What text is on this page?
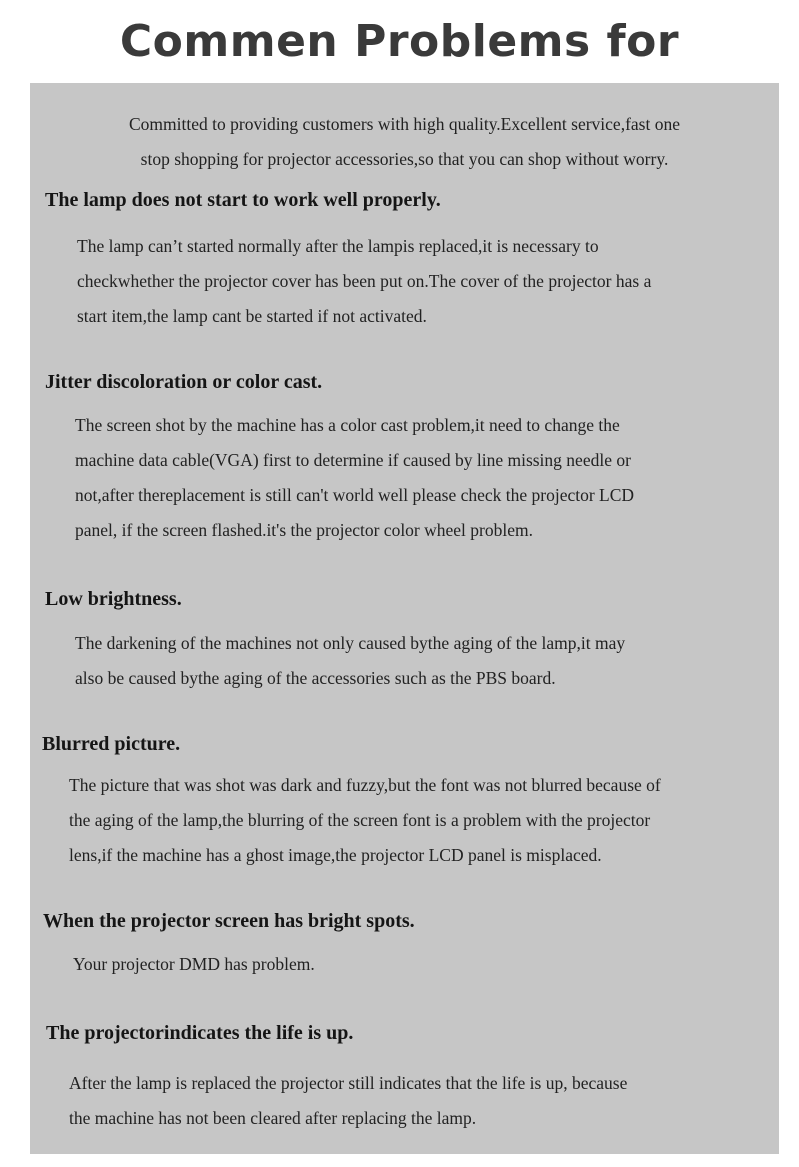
Commen Problems for

Committed to providing customers with high quality.Excellent service,fast one

stop shopping for projector accessories,so that you can shop without worry.

The lamp does not start to work well properly.

The lamp can’t started normally after the lampis replaced,it is necessary to

checkwhether the projector cover has been put on.The cover of the projector has a

start item,the lamp cant be started if not activated.

Jitter discoloration or color cast.

The screen shot by the machine has a color cast problem,it need to change the

machine data cable(VGA) first to determine if caused by line missing needle or

not,after thereplacement is still can't world well please check the projector LCD

panel, if the screen flashed.it's the projector color wheel problem.

Low brightness.

The darkening of the machines not only caused bythe aging of the lamp,it may

also be caused bythe aging of the accessories such as the PBS board.

Blurred picture.

The picture that was shot was dark and fuzzy,but the font was not blurred because of

the aging of the lamp,the blurring of the screen font is a problem with the projector

lens,if the machine has a ghost image,the projector LCD panel is misplaced.

When the projector screen has bright spots.

Your projector DMD has problem.

The projectorindicates the life is up.

After the lamp is replaced the projector still indicates that the life is up, because

the machine has not been cleared after replacing the lamp.
